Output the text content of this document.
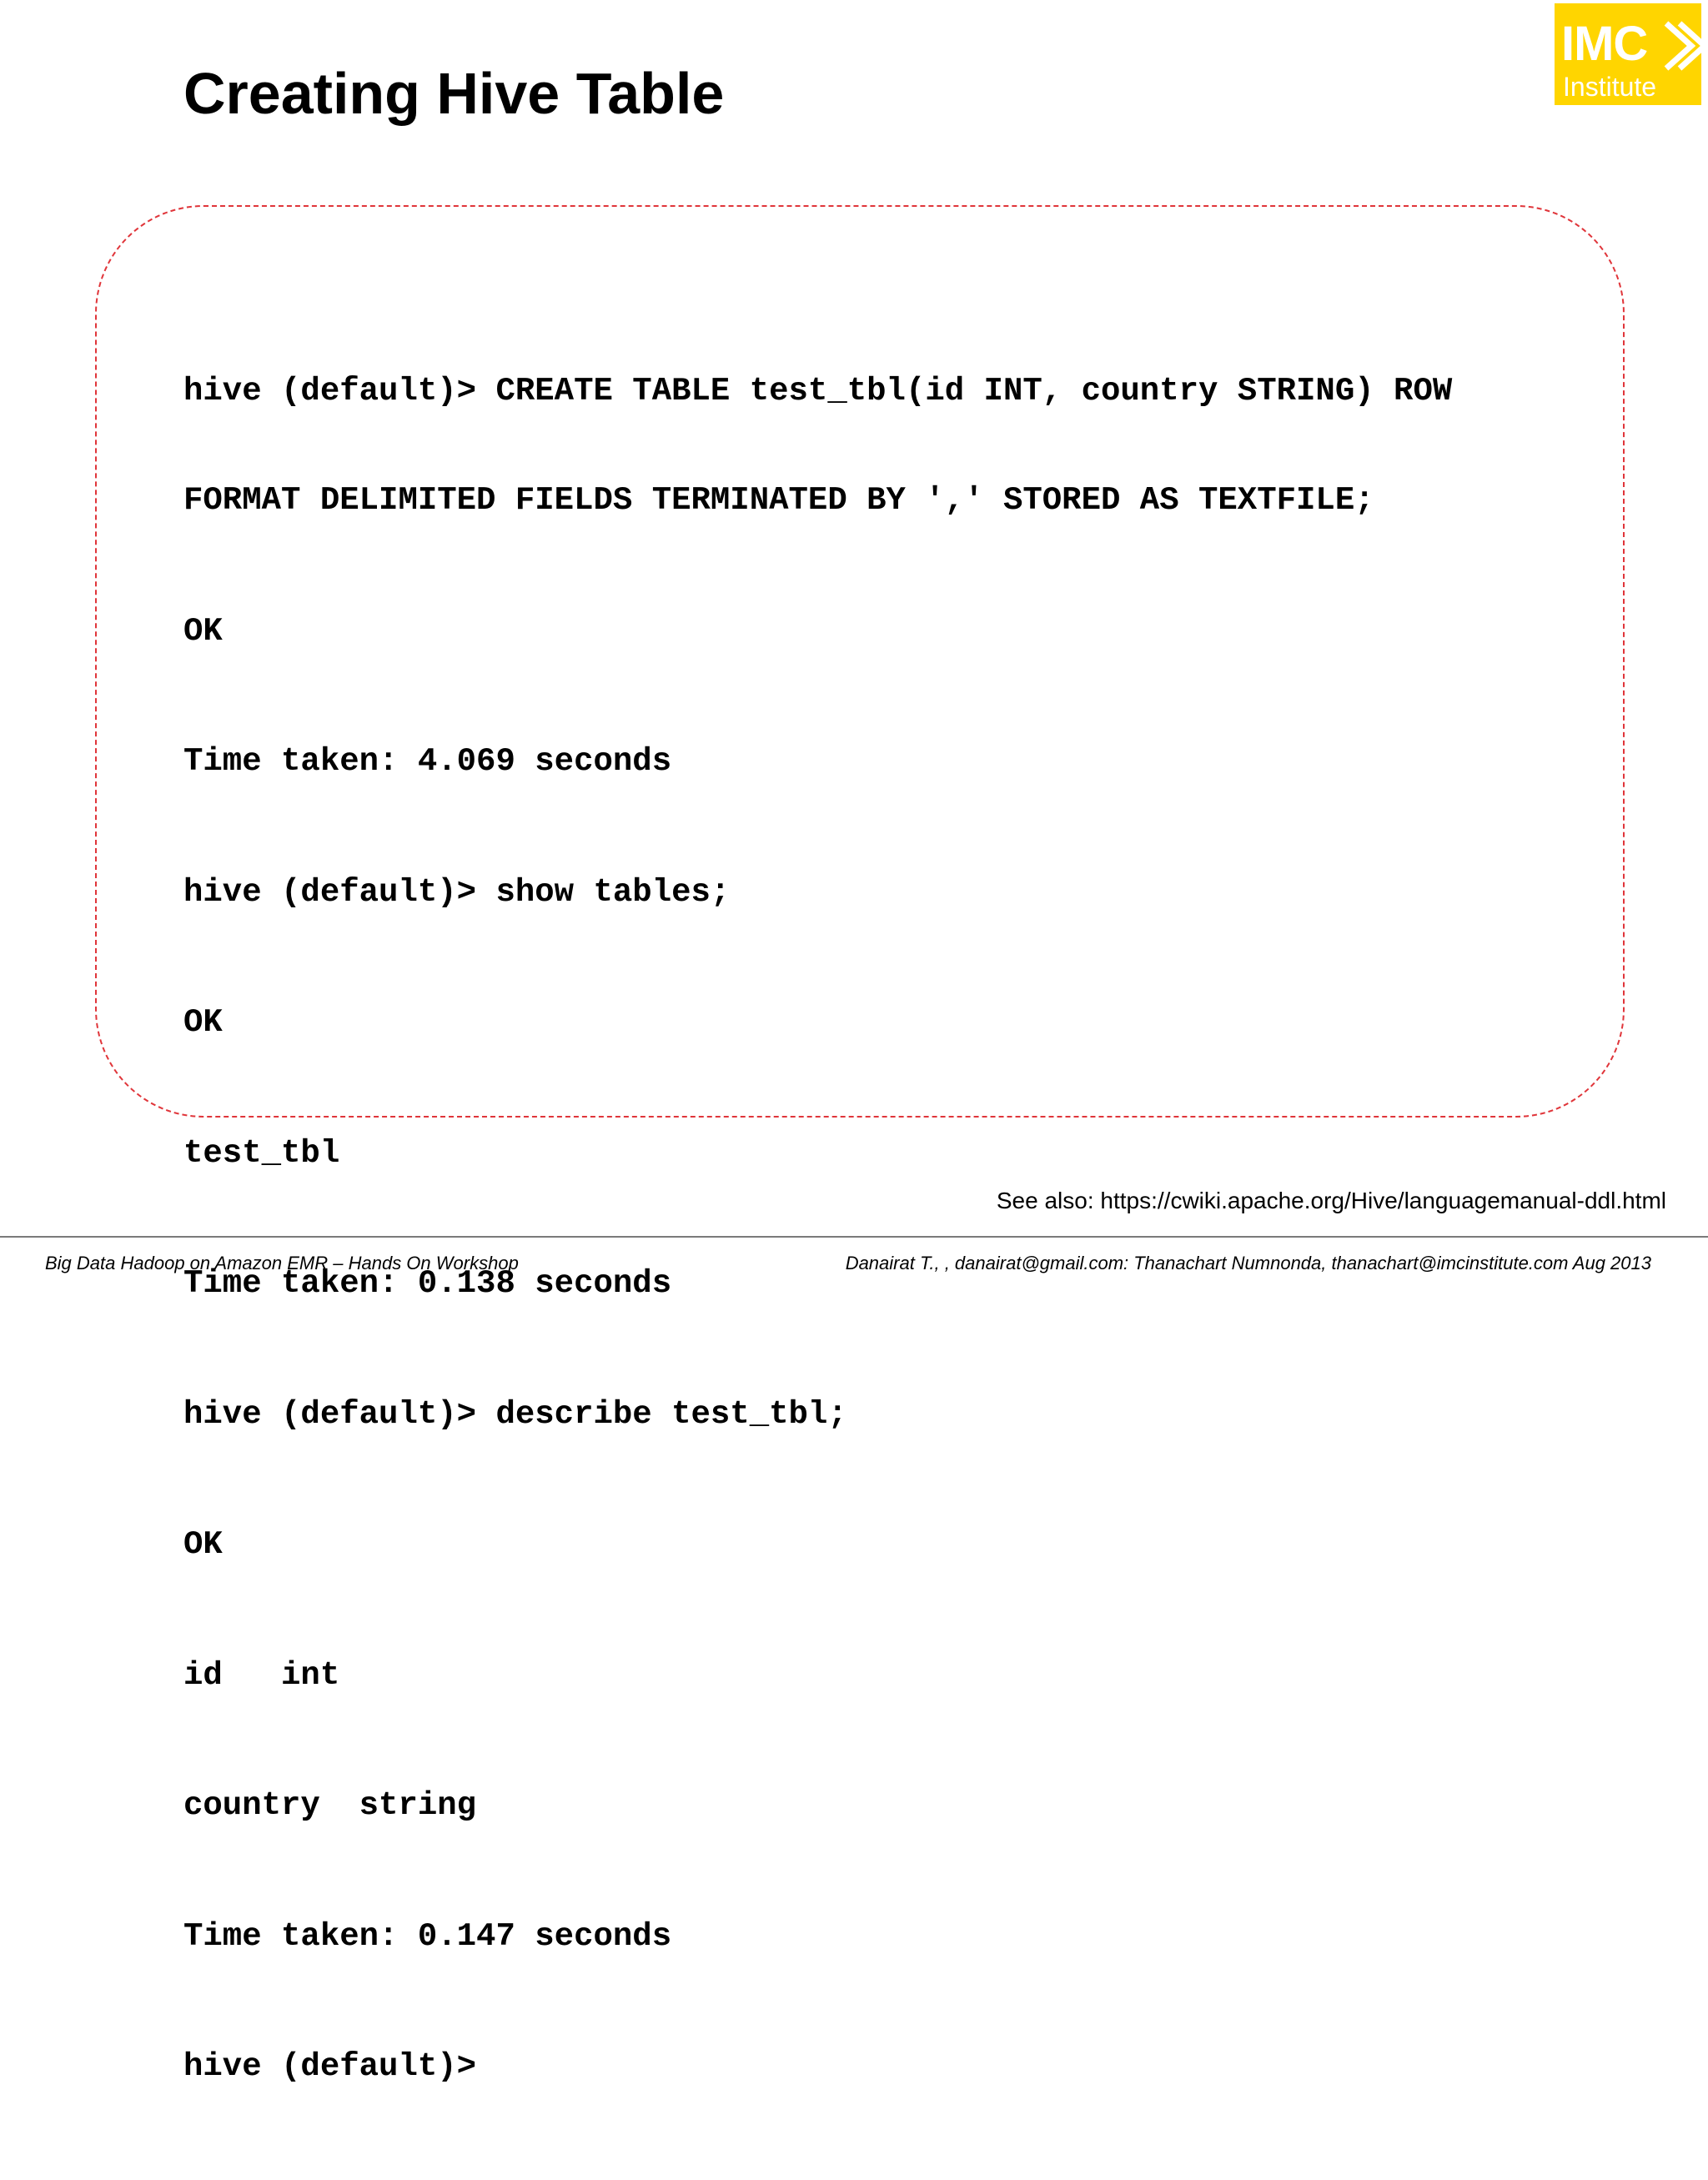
Creating Hive Table
IMC
Institute

hive (default)> CREATE TABLE test_tbl(id INT, country STRING) ROW

FORMAT DELIMITED FIELDS TERMINATED BY ',' STORED AS TEXTFILE;

OK

Time taken: 4.069 seconds

hive (default)> show tables;

OK

test_tbl

Time taken: 0.138 seconds

hive (default)> describe test_tbl;

OK

id   int

country  string

Time taken: 0.147 seconds

hive (default)>

See also: https://cwiki.apache.org/Hive/languagemanual-ddl.html
Big Data Hadoop on Amazon EMR – Hands On Workshop	Danairat T., , danairat@gmail.com: Thanachart Numnonda, thanachart@imcinstitute.com Aug 2013
